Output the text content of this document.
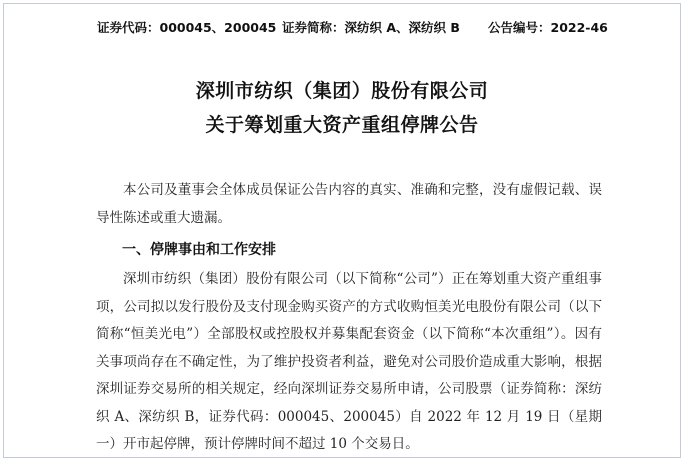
证券代码：000045、200045 证券简称：深纺织 A、深纺织 B 公告编号：2022-46
深圳市纺织（集团）股份有限公司
关于筹划重大资产重组停牌公告

本公司及董事会全体成员保证公告内容的真实、准确和完整，没有虚假记载、误导性陈述或重大遗漏。

一、停牌事由和工作安排

深圳市纺织（集团）股份有限公司（以下简称“公司”）正在筹划重大资产重组事项，公司拟以发行股份及支付现金购买资产的方式收购恒美光电股份有限公司（以下简称“恒美光电”）全部股权或控股权并募集配套资金（以下简称“本次重组”）。因有关事项尚存在不确定性，为了维护投资者利益，避免对公司股价造成重大影响，根据深圳证券交易所的相关规定，经向深圳证券交易所申请，公司股票（证券简称：深纺织 A、深纺织 B，证券代码：000045、200045）自 2022 年 12 月 19 日（星期一）开市起停牌，预计停牌时间不超过 10 个交易日。
